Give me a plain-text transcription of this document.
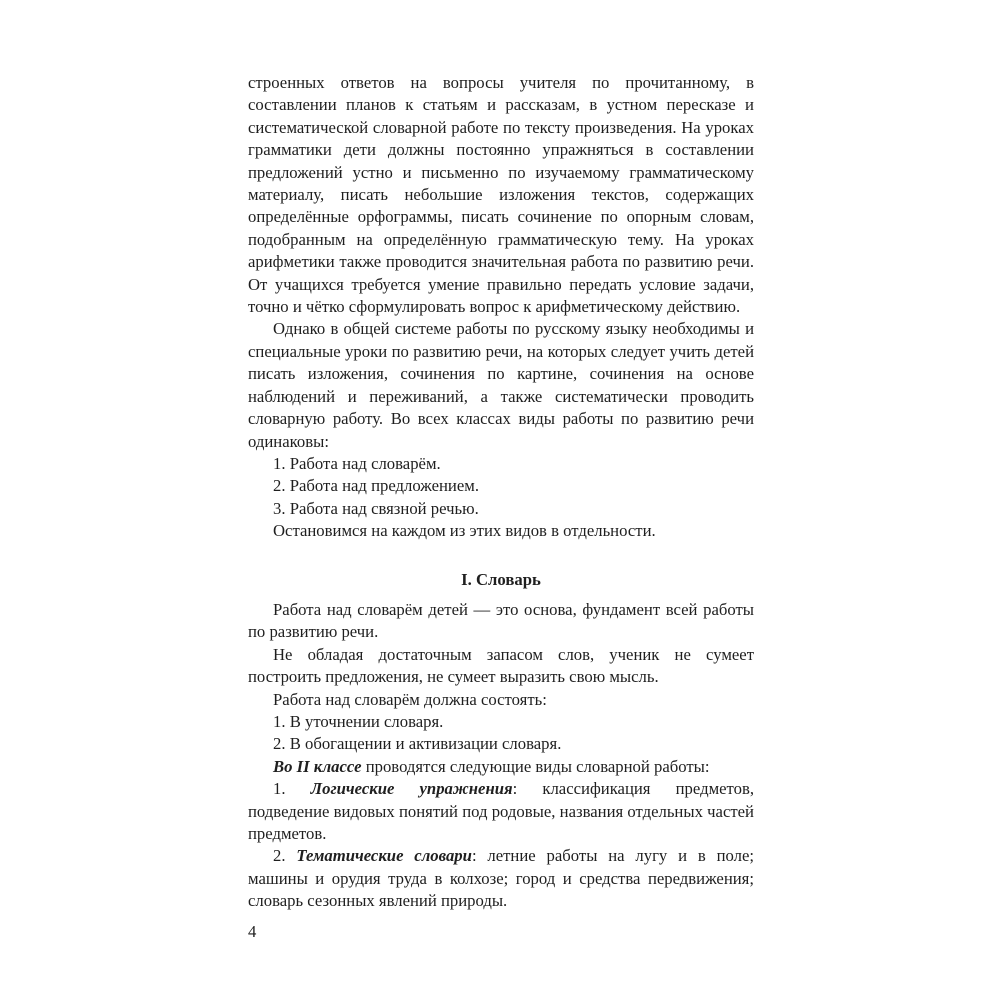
строенных ответов на вопросы учителя по прочитанному, в составлении планов к статьям и рассказам, в устном пересказе и систематической словарной работе по тексту произведения. На уроках грамматики дети должны постоянно упражняться в составлении предложений устно и письменно по изучаемому грамматическому материалу, писать небольшие изложения текстов, содержащих определённые орфограммы, писать сочинение по опорным словам, подобранным на определённую грамматическую тему. На уроках арифметики также проводится значительная работа по развитию речи. От учащихся требуется умение правильно передать условие задачи, точно и чётко сформулировать вопрос к арифметическому действию.
Однако в общей системе работы по русскому языку необходимы и специальные уроки по развитию речи, на которых следует учить детей писать изложения, сочинения по картине, сочинения на основе наблюдений и переживаний, а также систематически проводить словарную работу. Во всех классах виды работы по развитию речи одинаковы:
1. Работа над словарём.
2. Работа над предложением.
3. Работа над связной речью.
Остановимся на каждом из этих видов в отдельности.
I. Словарь
Работа над словарём детей — это основа, фундамент всей работы по развитию речи.
Не обладая достаточным запасом слов, ученик не сумеет построить предложения, не сумеет выразить свою мысль.
Работа над словарём должна состоять:
1. В уточнении словаря.
2. В обогащении и активизации словаря.
Во II классе проводятся следующие виды словарной работы:
1. Логические упражнения: классификация предметов, подведение видовых понятий под родовые, названия отдельных частей предметов.
2. Тематические словари: летние работы на лугу и в поле; машины и орудия труда в колхозе; город и средства передвижения; словарь сезонных явлений природы.
4
